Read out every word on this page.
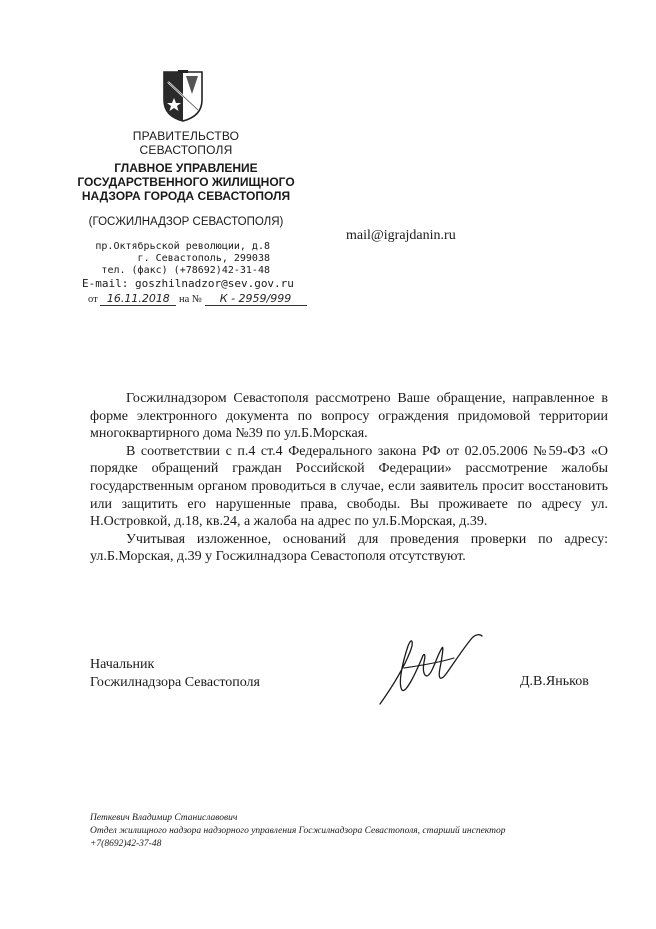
ПРАВИТЕЛЬСТВО СЕВАСТОПОЛЯ
ГЛАВНОЕ УПРАВЛЕНИЕ
ГОСУДАРСТВЕННОГО ЖИЛИЩНОГО
НАДЗОРА ГОРОДА СЕВАСТОПОЛЯ
(ГОСЖИЛНАДЗОР СЕВАСТОПОЛЯ)
пр.Октябрьской революции, д.8
г. Севастополь, 299038
тел. (факс) (+78692)42-31-48
E-mail: goszhilnadzor@sev.gov.ru
от 16.11.2018 на № К - 2959/999
mail@igrajdanin.ru

Госжилнадзором Севастополя рассмотрено Ваше обращение, направленное в форме электронного документа по вопросу ограждения придомовой территории многоквартирного дома №39 по ул.Б.Морская.

В соответствии с п.4 ст.4 Федерального закона РФ от 02.05.2006 №59-ФЗ «О порядке обращений граждан Российской Федерации» рассмотрение жалобы государственным органом проводиться в случае, если заявитель просит восстановить или защитить его нарушенные права, свободы. Вы проживаете по адресу ул. Н.Островкой, д.18, кв.24, а жалоба на адрес по ул.Б.Морская, д.39.

Учитывая изложенное, оснований для проведения проверки по адресу: ул.Б.Морская, д.39 у Госжилнадзора Севастополя отсутствуют.

Начальник
Госжилнадзора Севастополя	Д.В.Яньков
Петкевич Владимир Станиславович
Отдел жилищного надзора надзорного управления Госжилнадзора Севастополя, старший инспектор
+7(8692)42-37-48
